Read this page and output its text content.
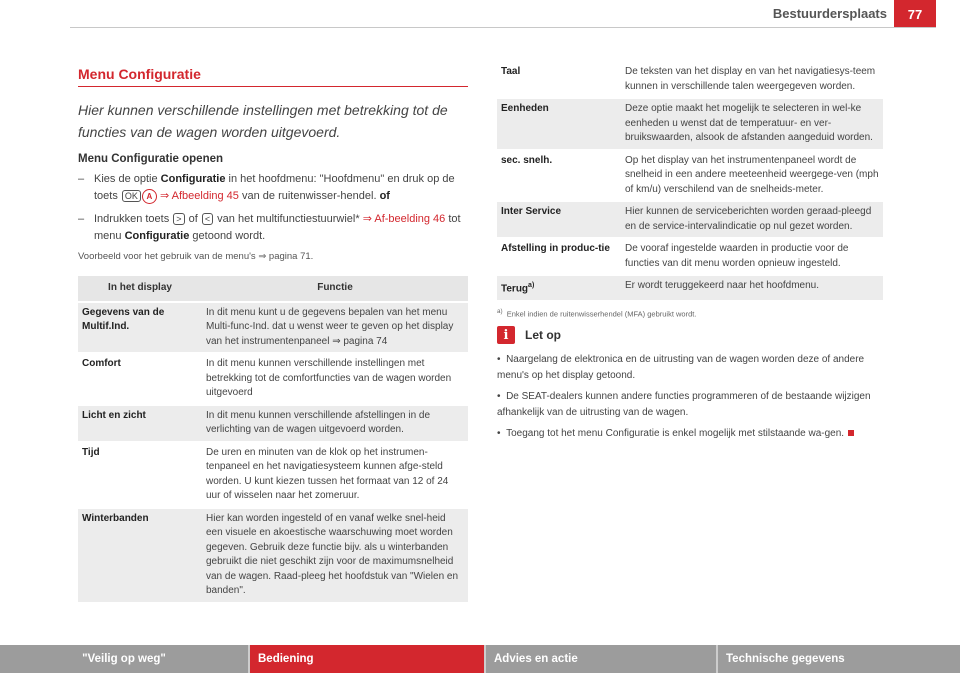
77
Bestuurdersplaats
Menu Configuratie

Hier kunnen verschillende instellingen met betrekking tot de functies van de wagen worden uitgevoerd.

Menu Configuratie openen
– Kies de optie Configuratie in het hoofdmenu: "Hoofdmenu" en druk op de toets OK A ⇒ Afbeelding 45 van de ruitenwisser-hendel. of
– Indrukken toets > of < van het multifunctiestuurwiel* ⇒ Af-beelding 46 tot menu Configuratie getoond wordt.
Voorbeeld voor het gebruik van de menu's ⇒ pagina 71.
In het display	Functie
Gegevens van de Multif.Ind.	In dit menu kunt u de gegevens bepalen van het menu Multi-func-Ind. dat u wenst weer te geven op het display van het instrumentenpaneel ⇒ pagina 74
Comfort	In dit menu kunnen verschillende instellingen met betrekking tot de comfortfuncties van de wagen worden uitgevoerd
Licht en zicht	In dit menu kunnen verschillende afstellingen in de verlichting van de wagen uitgevoerd worden.
Tijd	De uren en minuten van de klok op het instrumen-tenpaneel en het navigatiesysteem kunnen afge-steld worden. U kunt kiezen tussen het formaat van 12 of 24 uur of wisselen naar het zomeruur.
Winterbanden	Hier kan worden ingesteld of en vanaf welke snel-heid een visuele en akoestische waarschuwing moet worden gegeven. Gebruik deze functie bijv. als u winterbanden gebruikt die niet geschikt zijn voor de maximumsnelheid van de wagen. Raad-pleeg het hoofdstuk van "Wielen en banden".
Taal	De teksten van het display en van het navigatiesys-teem kunnen in verschillende talen weergegeven worden.
Eenheden	Deze optie maakt het mogelijk te selecteren in wel-ke eenheden u wenst dat de temperatuur- en ver-bruikswaarden, alsook de afstanden aangeduid worden.
sec. snelh.	Op het display van het instrumentenpaneel wordt de snelheid in een andere meeteenheid weergege-ven (mph of km/u) verschilend van de snelheids-meter.
Inter Service	Hier kunnen de serviceberichten worden geraad-pleegd en de service-intervalindicatie op nul gezet worden.
Afstelling in produc-tie	De vooraf ingestelde waarden in productie voor de functies van dit menu worden opnieuw ingesteld.
Terug$^{a)}$	Er wordt teruggekeerd naar het hoofdmenu.
$^{a)}$ Enkel indien de ruitenwisserhendel (MFA) gebruikt wordt.
i	Let op

• Naargelang de elektronica en de uitrusting van de wagen worden deze of andere menu's op het display getoond.

• De SEAT-dealers kunnen andere functies programmeren of de bestaande wijzigen afhankelijk van de uitrusting van de wagen.

• Toegang tot het menu Configuratie is enkel mogelijk met stilstaande wa-gen.

"Veilig op weg"	Bediening	Advies en actie	Technische gegevens
